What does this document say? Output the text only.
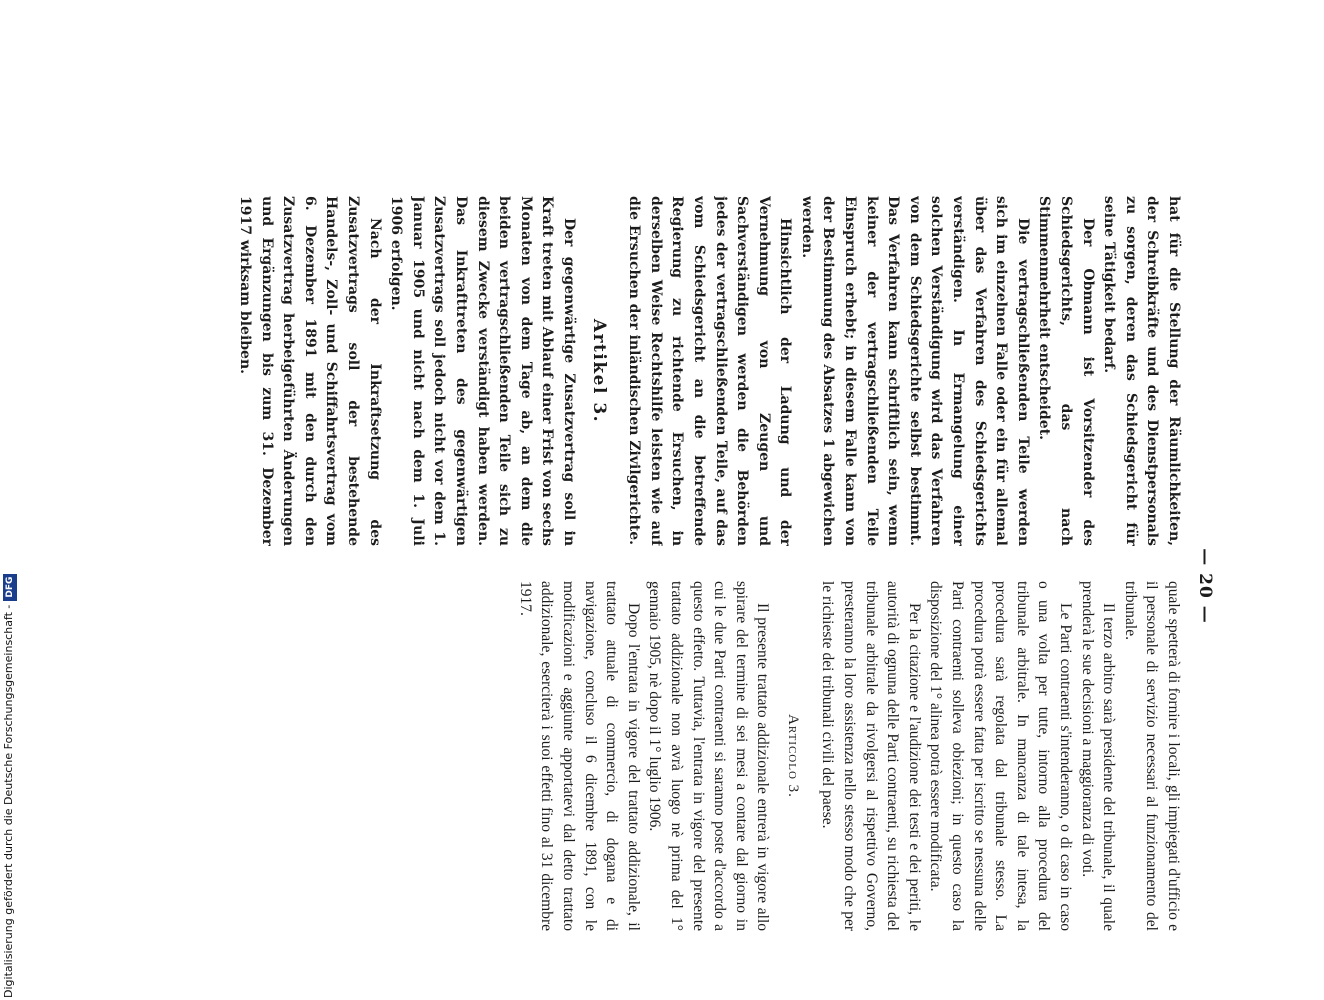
— 20 —

hat für die Stellung der Räumlichkeiten, der Schreibkräfte und des Dienstpersonals zu sorgen, deren das Schiedsgericht für seine Tätigkeit bedarf.

Der Obmann ist Vorsitzender des Schiedsgerichts, das nach Stimmenmehrheit entscheidet.

Die vertragschließenden Teile werden sich im einzelnen Falle oder ein für allemal über das Verfahren des Schiedsgerichts verständigen. In Ermangelung einer solchen Verständigung wird das Verfahren von dem Schiedsgerichte selbst bestimmt. Das Verfahren kann schriftlich sein, wenn keiner der vertragschließenden Teile Einspruch erhebt; in diesem Falle kann von der Bestimmung des Absatzes 1 abgewichen werden.

Hinsichtlich der Ladung und der Vernehmung von Zeugen und Sachverständigen werden die Behörden jedes der vertragschließenden Teile, auf das vom Schiedsgericht an die betreffende Regierung zu richtende Ersuchen, in derselben Weise Rechtshilfe leisten wie auf die Ersuchen der inländischen Zivilgerichte.

Artikel 3.

Der gegenwärtige Zusatzvertrag soll in Kraft treten mit Ablauf einer Frist von sechs Monaten von dem Tage ab, an dem die beiden vertragschließenden Teile sich zu diesem Zwecke verständigt haben werden. Das Inkrafttreten des gegenwärtigen Zusatzvertrags soll jedoch nicht vor dem 1. Januar 1905 und nicht nach dem 1. Juli 1906 erfolgen.

Nach der Inkraftsetzung des Zusatzvertrags soll der bestehende Handels-, Zoll- und Schiffahrtsvertrag vom 6. Dezember 1891 mit den durch den Zusatzvertrag herbeigeführten Änderungen und Ergänzungen bis zum 31. Dezember 1917 wirksam bleiben.

quale spetterà di fornire i locali, gli impiegati d'ufficio e il personale di servizio necessari al funzionamento del tribunale.

Il terzo arbitro sarà presidente del tribunale, il quale prenderà le sue decisioni a maggioranza di voti.

Le Parti contraenti s'intenderanno, o di caso in caso o una volta per tutte, intorno alla procedura del tribunale arbitrale. In mancanza di tale intesa, la procedura sarà regolata dal tribunale stesso. La procedura potrà essere fatta per iscritto se nessuna delle Parti contraenti solleva obiezioni; in questo caso la disposizione del 1° alinea potrà essere modificata.

Per la citazione e l'audizione dei testi e dei periti, le autorità di ognuna delle Parti contraenti, su richiesta del tribunale arbitrale da rivolgersi al rispettivo Governo, presteranno la loro assistenza nello stesso modo che per le richieste dei tribunali civili del paese.

Articolo 3.

Il presente trattato addizionale entrerà in vigore allo spirare del termine di sei mesi a contare dal giorno in cui le due Parti contraenti si saranno poste d'accordo a questo effetto. Tuttavia, l'entrata in vigore del presente trattato addizionale non avrà luogo nè prima del 1° gennaio 1905, nè dopo il 1° luglio 1906.

Dopo l'entrata in vigore del trattato addizionale, il trattato attuale di commercio, di dogana e di navigazione, concluso il 6 dicembre 1891, con le modificazioni e aggiunte apportatevi dal detto trattato addizionale, eserciterà i suoi effetti fino al 31 dicembre 1917.

Digitalisierung gefördert durch die Deutsche Forschungsgemeinschaft -DFG
